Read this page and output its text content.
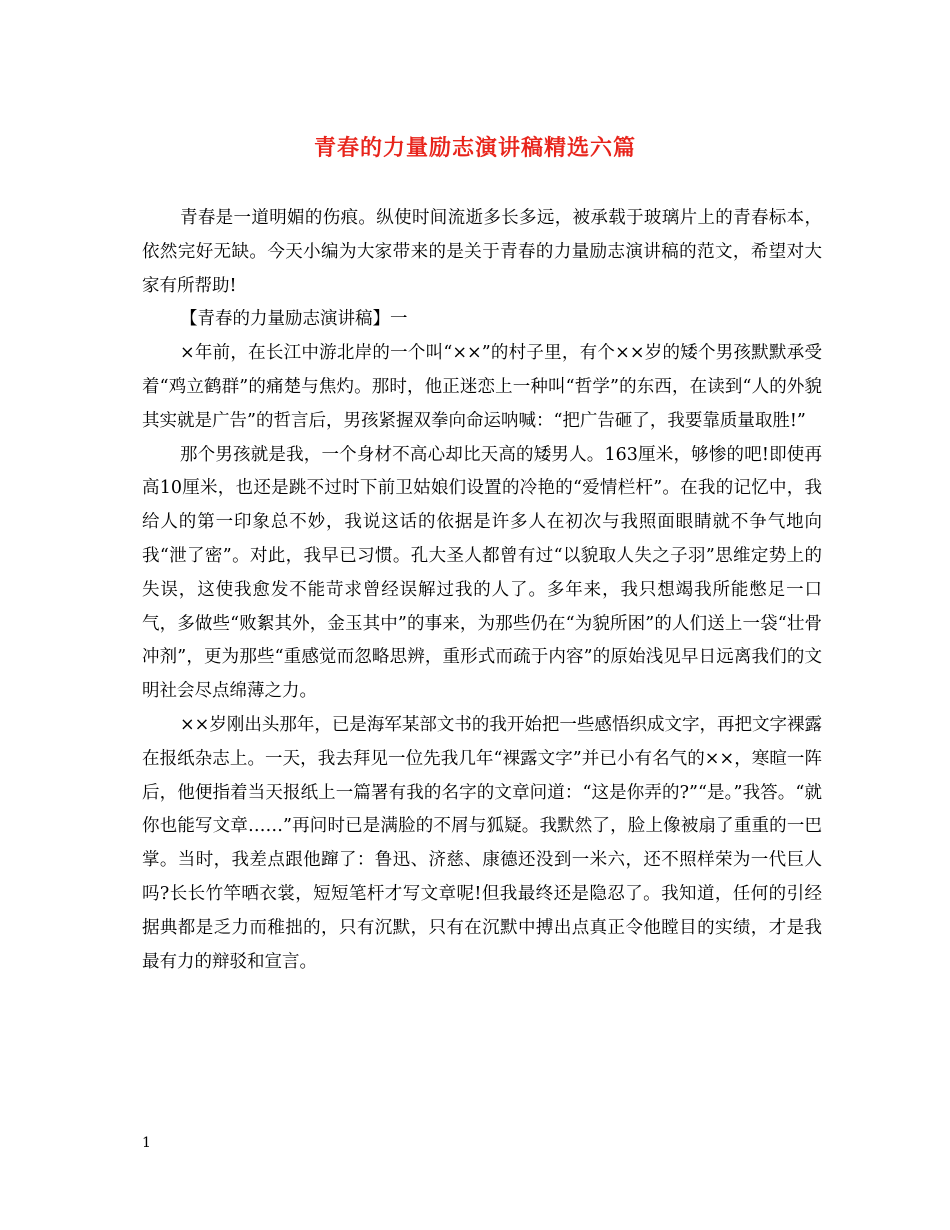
青春的力量励志演讲稿精选六篇

青春是一道明媚的伤痕。纵使时间流逝多长多远，被承载于玻璃片上的青春标本，依然完好无缺。今天小编为大家带来的是关于青春的力量励志演讲稿的范文，希望对大家有所帮助!

【青春的力量励志演讲稿】一

×年前，在长江中游北岸的一个叫“××”的村子里，有个××岁的矮个男孩默默承受着“鸡立鹤群”的痛楚与焦灼。那时，他正迷恋上一种叫“哲学”的东西，在读到“人的外貌其实就是广告”的哲言后，男孩紧握双拳向命运呐喊：“把广告砸了，我要靠质量取胜!”

那个男孩就是我，一个身材不高心却比天高的矮男人。163厘米，够惨的吧!即使再高10厘米，也还是跳不过时下前卫姑娘们设置的冷艳的“爱情栏杆”。在我的记忆中，我给人的第一印象总不妙，我说这话的依据是许多人在初次与我照面眼睛就不争气地向我“泄了密”。对此，我早已习惯。孔大圣人都曾有过“以貌取人失之子羽”思维定势上的失误，这使我愈发不能苛求曾经误解过我的人了。多年来，我只想竭我所能憋足一口气，多做些“败絮其外，金玉其中”的事来，为那些仍在“为貌所困”的人们送上一袋“壮骨冲剂”，更为那些“重感觉而忽略思辨，重形式而疏于内容”的原始浅见早日远离我们的文明社会尽点绵薄之力。

××岁刚出头那年，已是海军某部文书的我开始把一些感悟织成文字，再把文字裸露在报纸杂志上。一天，我去拜见一位先我几年“裸露文字”并已小有名气的××，寒暄一阵后，他便指着当天报纸上一篇署有我的名字的文章问道：“这是你弄的?”“是。”我答。“就你也能写文章……”再问时已是满脸的不屑与狐疑。我默然了，脸上像被扇了重重的一巴掌。当时，我差点跟他蹿了：鲁迅、济慈、康德还没到一米六，还不照样荣为一代巨人吗?长长竹竿晒衣裳，短短笔杆才写文章呢!但我最终还是隐忍了。我知道，任何的引经据典都是乏力而稚拙的，只有沉默，只有在沉默中搏出点真正令他瞠目的实绩，才是我最有力的辩驳和宣言。

1
